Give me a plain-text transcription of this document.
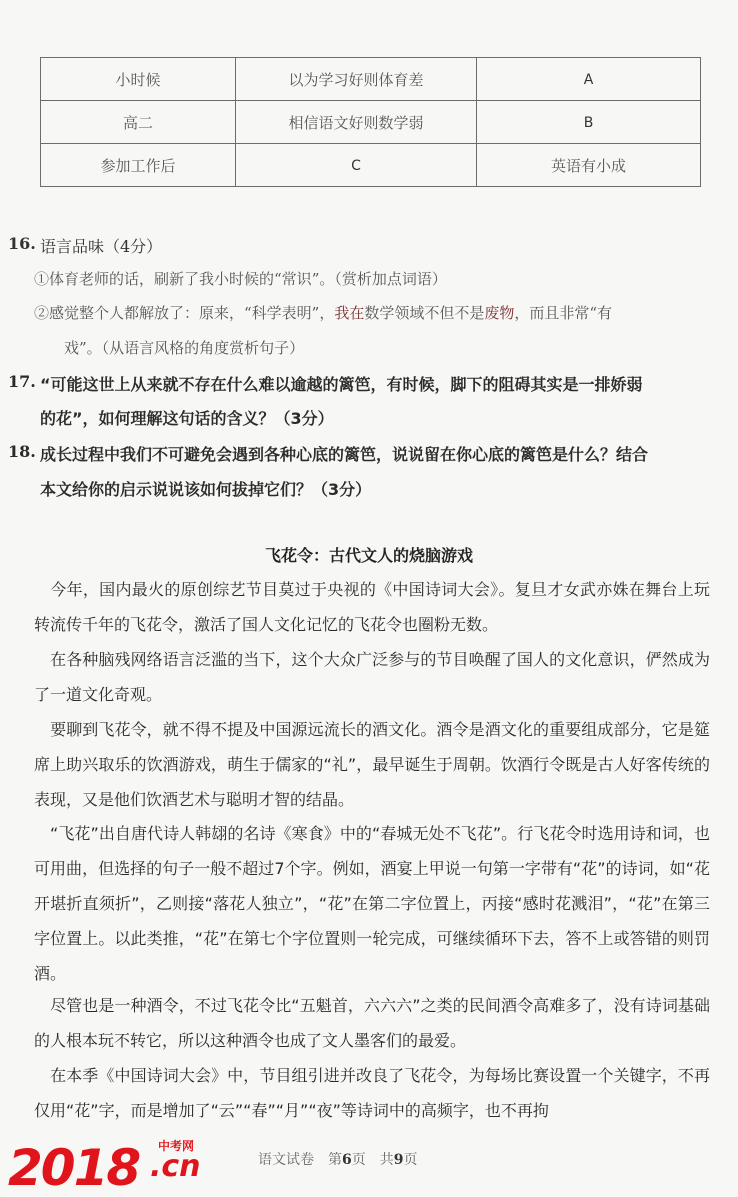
小时候	以为学习好则体育差	A
高二	相信语文好则数学弱	B
参加工作后	C	英语有小成
16. 语言品味（4分）
①体育老师的话，刷新了我小时候的“常识”。（赏析加点词语）
②感觉整个人都解放了：原来，“科学表明”，我在数学领域不但不是废物，而且非常“有
戏”。（从语言风格的角度赏析句子）
17. “可能这世上从来就不存在什么难以逾越的篱笆，有时候，脚下的阻碍其实是一排娇弱
的花”，如何理解这句话的含义？（3分）
18. 成长过程中我们不可避免会遇到各种心底的篱笆，说说留在你心底的篱笆是什么？结合
本文给你的启示说说该如何拔掉它们？（3分）
飞花令：古代文人的烧脑游戏
今年，国内最火的原创综艺节目莫过于央视的《中国诗词大会》。复旦才女武亦姝在舞台上玩转流传千年的飞花令，激活了国人文化记忆的飞花令也圈粉无数。
在各种脑残网络语言泛滥的当下，这个大众广泛参与的节目唤醒了国人的文化意识，俨然成为了一道文化奇观。
要聊到飞花令，就不得不提及中国源远流长的酒文化。酒令是酒文化的重要组成部分，它是筵席上助兴取乐的饮酒游戏，萌生于儒家的“礼”，最早诞生于周朝。饮酒行令既是古人好客传统的表现，又是他们饮酒艺术与聪明才智的结晶。
“飞花”出自唐代诗人韩翃的名诗《寒食》中的“春城无处不飞花”。行飞花令时选用诗和词，也可用曲，但选择的句子一般不超过7个字。例如，酒宴上甲说一句第一字带有“花”的诗词，如“花开堪折直须折”，乙则接“落花人独立”，“花”在第二字位置上，丙接“感时花溅泪”，“花”在第三字位置上。以此类推，“花”在第七个字位置则一轮完成，可继续循环下去，答不上或答错的则罚酒。
尽管也是一种酒令，不过飞花令比“五魁首，六六六”之类的民间酒令高难多了，没有诗词基础的人根本玩不转它，所以这种酒令也成了文人墨客们的最爱。
在本季《中国诗词大会》中，节目组引进并改良了飞花令，为每场比赛设置一个关键字，不再仅用“花”字，而是增加了“云”“春”“月”“夜”等诗词中的高频字，也不再拘
2018 中考网
.cn	语文试卷　第6页　共9页
